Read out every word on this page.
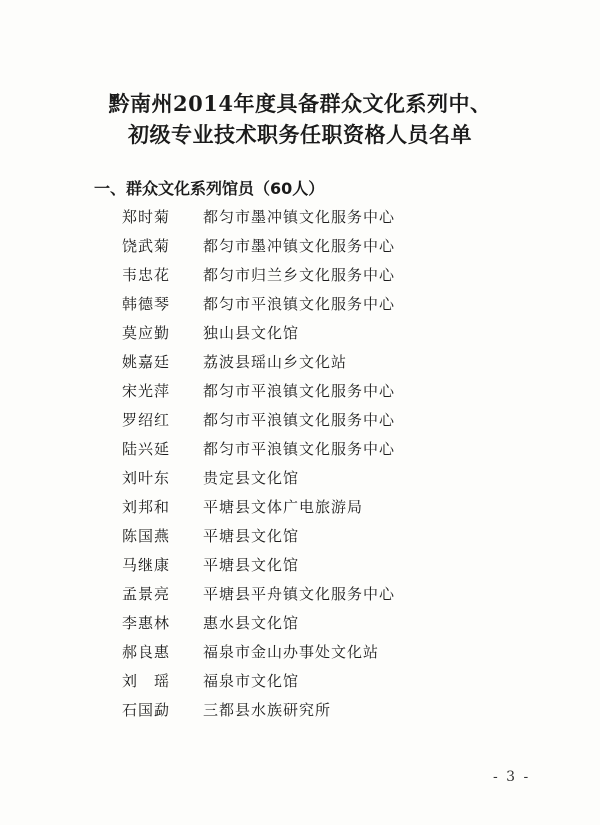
黔南州2014年度具备群众文化系列中、
初级专业技术职务任职资格人员名单
一、群众文化系列馆员（60人）
郑时菊 都匀市墨冲镇文化服务中心
饶武菊 都匀市墨冲镇文化服务中心
韦忠花 都匀市归兰乡文化服务中心
韩德琴 都匀市平浪镇文化服务中心
莫应勤 独山县文化馆
姚嘉廷 荔波县瑶山乡文化站
宋光萍 都匀市平浪镇文化服务中心
罗绍红 都匀市平浪镇文化服务中心
陆兴延 都匀市平浪镇文化服务中心
刘叶东 贵定县文化馆
刘邦和 平塘县文体广电旅游局
陈国燕 平塘县文化馆
马继康 平塘县文化馆
孟景亮 平塘县平舟镇文化服务中心
李惠林 惠水县文化馆
郝良惠 福泉市金山办事处文化站
刘　瑶 福泉市文化馆
石国勐 三都县水族研究所
- 3 -
